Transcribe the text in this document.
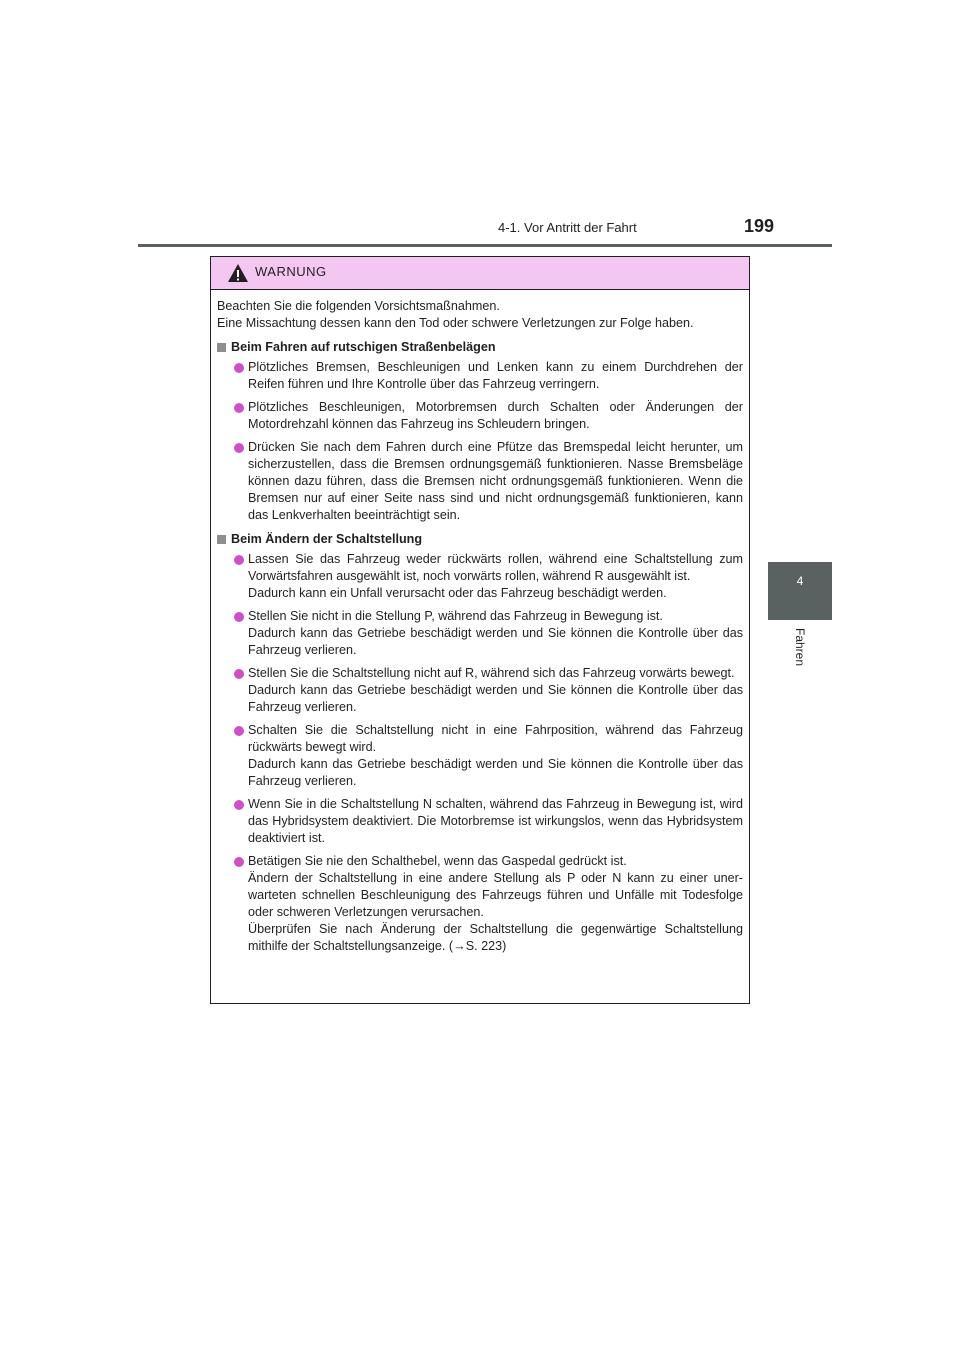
4-1. Vor Antritt der Fahrt	199
4
Fahren
WARNUNG

Beachten Sie die folgenden Vorsichtsmaßnahmen.

Eine Missachtung dessen kann den Tod oder schwere Verletzungen zur Folge haben.

Beim Fahren auf rutschigen Straßenbelägen

Plötzliches Bremsen, Beschleunigen und Lenken kann zu einem Durchdrehen der Reifen führen und Ihre Kontrolle über das Fahrzeug verringern.

Plötzliches Beschleunigen, Motorbremsen durch Schalten oder Änderungen der Motordrehzahl können das Fahrzeug ins Schleudern bringen.

Drücken Sie nach dem Fahren durch eine Pfütze das Bremspedal leicht herunter, um sicherzustellen, dass die Bremsen ordnungsgemäß funktionieren. Nasse Bremsbeläge können dazu führen, dass die Bremsen nicht ordnungsgemäß funktionieren. Wenn die Bremsen nur auf einer Seite nass sind und nicht ordnungsgemäß funktionieren, kann das Lenkverhalten beeinträchtigt sein.

Beim Ändern der Schaltstellung

Lassen Sie das Fahrzeug weder rückwärts rollen, während eine Schaltstellung zum Vorwärtsfahren ausgewählt ist, noch vorwärts rollen, während R ausgewählt ist.

Dadurch kann ein Unfall verursacht oder das Fahrzeug beschädigt werden.

Stellen Sie nicht in die Stellung P, während das Fahrzeug in Bewegung ist.

Dadurch kann das Getriebe beschädigt werden und Sie können die Kontrolle über das Fahrzeug verlieren.

Stellen Sie die Schaltstellung nicht auf R, während sich das Fahrzeug vorwärts bewegt.

Dadurch kann das Getriebe beschädigt werden und Sie können die Kontrolle über das Fahrzeug verlieren.

Schalten Sie die Schaltstellung nicht in eine Fahrposition, während das Fahrzeug rückwärts bewegt wird.

Dadurch kann das Getriebe beschädigt werden und Sie können die Kontrolle über das Fahrzeug verlieren.

Wenn Sie in die Schaltstellung N schalten, während das Fahrzeug in Bewegung ist, wird das Hybridsystem deaktiviert. Die Motorbremse ist wirkungslos, wenn das Hybridsystem deaktiviert ist.

Betätigen Sie nie den Schalthebel, wenn das Gaspedal gedrückt ist.

Ändern der Schaltstellung in eine andere Stellung als P oder N kann zu einer unerwarteten schnellen Beschleunigung des Fahrzeugs führen und Unfälle mit Todesfolge oder schweren Verletzungen verursachen.

Überprüfen Sie nach Änderung der Schaltstellung die gegenwärtige Schaltstellung mithilfe der Schaltstellungsanzeige. (→S. 223)
